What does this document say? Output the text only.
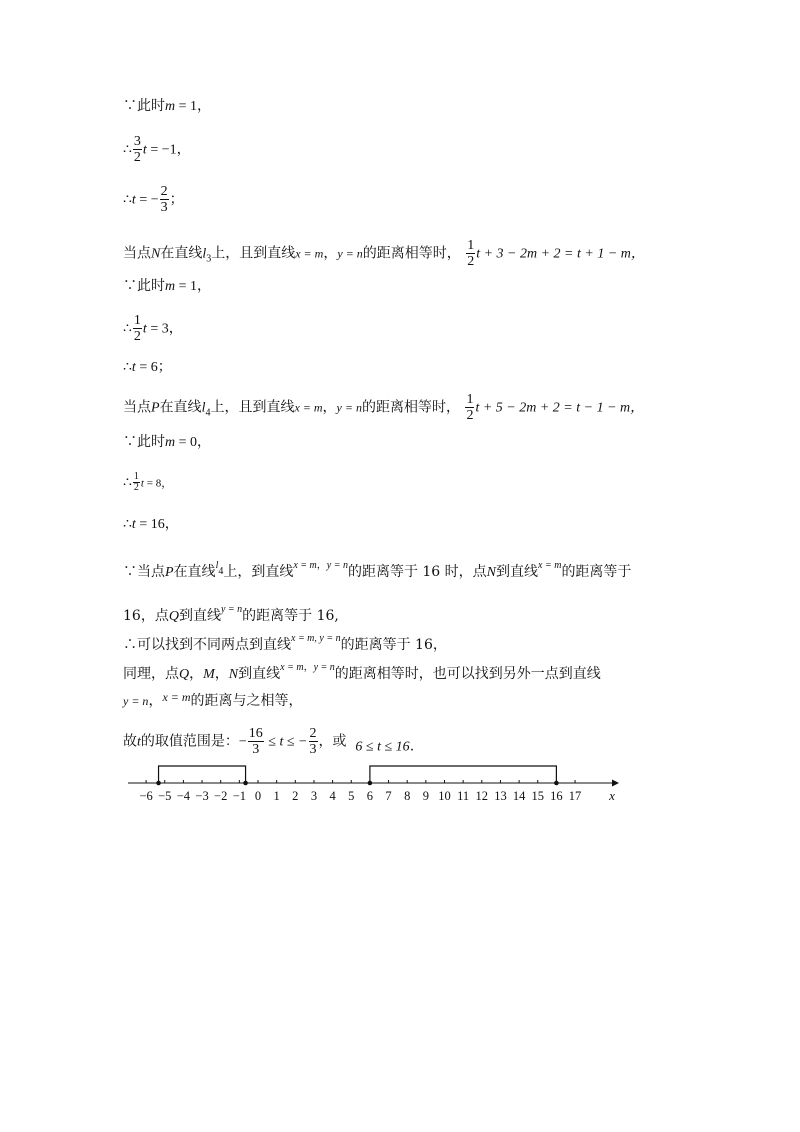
∵此时m = 1，
∴ $\frac{3}{2}$ t = −1，
∴t = − $\frac{2}{3}$ ；
当点N在直线$l_3$上，且到直线x = m，y = n的距离相等时， $\frac{1}{2}$ t + 3 − 2m + 2 = t + 1 − m，
∵此时m = 1，
∴ $\frac{1}{2}$ t = 3，
∴t = 6；
当点P在直线$l_4$上，且到直线x = m，y = n的距离相等时， $\frac{1}{2}$ t + 5 − 2m + 2 = t − 1 − m，
∵此时m = 0，
∴ $\frac{1}{2}$ t = 8，
∴t = 16，
∵当点P在直线$^{l4}$上，到直线$^{x = m,y = n}$的距离等于 16 时，点N到直线$^{x = m}$的距离等于
16，点Q到直线$^{y = n}$的距离等于 16,
∴可以找到不同两点到直线$^{x = m, y = n}$的距离等于 16，
同理，点Q，M，N到直线$^{x = m,y = n}$的距离相等时，也可以找到另外一点到直线
y = n，x = m的距离与之相等，
故t的取值范围是：− $\frac{16}{3} \le t$ ≤ − $\frac{2}{3}$ ，或 6 ≤ t ≤ 16.
x
−6 −5 −4 −3 −2 −1 0 1 2 3 4 5 6 7 8 9 10 11 12 13 14 15 16 17
